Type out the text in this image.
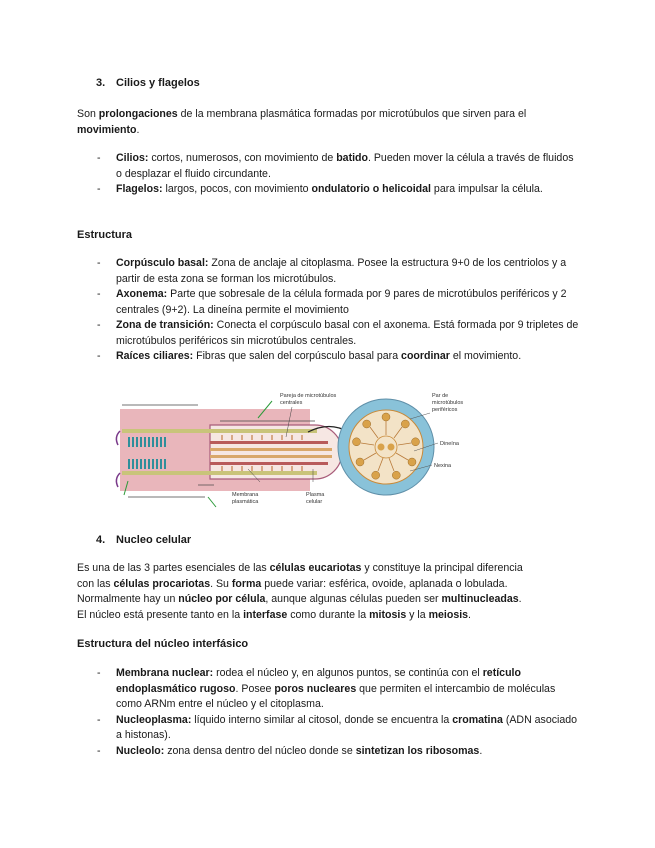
3. Cilios y flagelos

Son prolongaciones de la membrana plasmática formadas por microtúbulos que sirven para el movimiento.

- Cilios: cortos, numerosos, con movimiento de batido. Pueden mover la célula a través de fluidos o desplazar el fluido circundante.
- Flagelos: largos, pocos, con movimiento ondulatorio o helicoidal para impulsar la célula.
Estructura
- Corpúsculo basal: Zona de anclaje al citoplasma. Posee la estructura 9+0 de los centriolos y a partir de esta zona se forman los microtúbulos.
- Axonema: Parte que sobresale de la célula formada por 9 pares de microtúbulos periféricos y 2 centrales (9+2). La dineína permite el movimiento
- Zona de transición: Conecta el corpúsculo basal con el axonema. Está formada por 9 tripletes de microtúbulos periféricos sin microtúbulos centrales.
- Raíces ciliares: Fibras que salen del corpúsculo basal para coordinar el movimiento.
Pareja de microtúbulos
centrales
Par de
microtúbulos
periféricos
Dineína
Nexina
Membrana
plasmática
Plasma
celular
4. Nucleo celular
Es una de las 3 partes esenciales de las células eucariotas y constituye la principal diferencia
con las células procariotas. Su forma puede variar: esférica, ovoide, aplanada o lobulada.
Normalmente hay un núcleo por célula, aunque algunas células pueden ser multinucleadas.
El núcleo está presente tanto en la interfase como durante la mitosis y la meiosis.
Estructura del núcleo interfásico
- Membrana nuclear: rodea el núcleo y, en algunos puntos, se continúa con el retículo endoplasmático rugoso. Posee poros nucleares que permiten el intercambio de moléculas como ARNm entre el núcleo y el citoplasma.
- Nucleoplasma: líquido interno similar al citosol, donde se encuentra la cromatina (ADN asociado a histonas).
- Nucleolo: zona densa dentro del núcleo donde se sintetizan los ribosomas.
